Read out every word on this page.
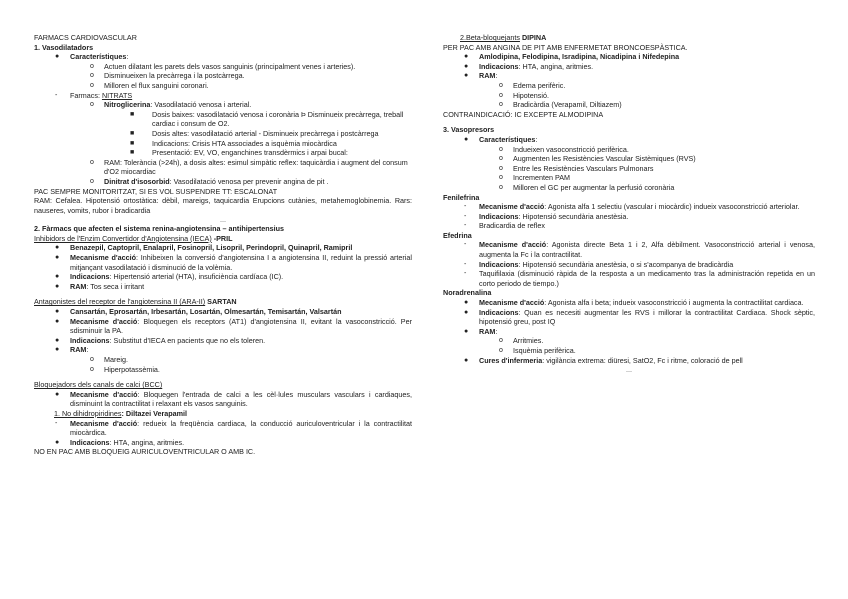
FARMACS CARDIOVASCULAR

1. Vasodilatadors

● Característiques:
o Actuen dilatant les parets dels vasos sanguinis (principalment venes i arteries).
o Disminueixen la precàrrega i la postcàrrega.
o Milloren el flux sanguini coronari.
- Farmacs: NITRATS
o Nitroglicerina: Vasodilatació venosa i arterial.
■ Dosis baixes: vasodilatació venosa i coronària Þ Disminueix precàrrega, treball cardiac i consum de O2.
■ Dosis altes: vasodilatació arterial - Disminueix precàrrega i postcàrrega
■ Indicacions: Crisis HTA associades a isquèmia miocàrdica
■ Presentació: EV, VO, enganchines transdèrmics i arpai bucal:
o RAM: Tolerància (>24h), a dosis altes: esimul simpàtic reflex: taquicàrdia i augment del consum d'O2 miocardiac
o Dinitrat d'isosorbid: Vasodilatació venosa per prevenir angina de pit .

PAC SEMPRE MONITORITZAT, SI ES VOL SUSPENDRE TT: ESCALONAT

RAM: Cefalea. Hipotensió ortostàtica: dèbil, mareigs, taquicardia Erupcions cutànies, metahemoglobinemia. Rars: nauseres, vomits, rubor i bradicardia

...

2. Fàrmacs que afecten el sistema renina-angiotensina – antihipertensius

Inhibidors de l'Enzim Convertidor d'Angiotensina (IECA) -PRIL

● Benazepil, Captopril, Enalapril, Fosinopril, Lisopril, Perindopril, Quinapril, Ramipril
● Mecanisme d'acció: Inhibeixen la conversió d'angiotensina I a angiotensina II, reduint la pressió arterial mitjançant vasodilatació i disminució de la volèmia.
● Indicacions: Hipertensió arterial (HTA), insuficiència cardíaca (IC).
● RAM: Tos seca i irritant

Antagonistes del receptor de l'angiotensina II (ARA-II) SARTAN

● Cansartán, Eprosartán, Irbesartán, Losartán, Olmesartán, Temisartán, Valsartán
● Mecanisme d'acció: Bloquegen els receptors (AT1) d'angiotensina II, evitant la vasoconstricció. Per sdisminuir la PA.
● Indicacions: Substitut d'IECA en pacients que no els toleren.
● RAM:
o Mareig.
o Hiperpotassèmia.

Bloquejadors dels canals de calci (BCC)

● Mecanisme d'acció: Bloquegen l'entrada de calci a les cèl·lules musculars vasculars i cardiaques, disminuint la contractilitat i relaxant els vasos sanguinis.

1. No dihidropiridines: Diltazei Verapamil

- Mecanisme d'acció: redueix la freqüència cardiaca, la conducció auriculoventricular i la contractilitat miocàrdica.
● Indicacions: HTA, angina, aritmies.

NO EN PAC AMB BLOQUEIG AURICULOVENTRICULAR O AMB IC.

2.Beta-bloquejants DIPINA

PER PAC AMB ANGINA DE PIT AMB ENFERMETAT BRONCOESPÀSTICA.

● Amlodipina, Felodipina, Isradipina, Nicadipina i Nifedepina
● Indicacions: HTA, angina, aritmies.
● RAM:
o Edema perifèric.
o Hipotensió.
o Bradicàrdia (Verapamil, Diltiazem)

CONTRAINDICACIÓ: IC EXCEPTE ALMODIPINA

3. Vasopresors

● Característiques:
o Indueixen vasoconstricció perifèrica.
o Augmenten les Resistències Vascular Sistèmiques (RVS)
o Entre les Resistències Vasculars Pulmonars
o Incrementen PAM
o Milloren el GC per augmentar la perfusió coronària

Fenilefrina

- Mecanisme d'acció: Agonista alfa 1 selectiu (vascular i miocàrdic) indueix vasoconstricció arteriolar.
- Indicacions: Hipotensió secundària anestèsia.
- Bradicardia de reflex

Efedrina

- Mecanisme d'acció: Agonista directe Beta 1 i 2, Alfa dèbilment. Vasoconstricció arterial i venosa, augmenta la Fc i la contractilitat.
- Indicacions: Hipotensió secundària anestèsia, o si s'acompanya de bradicàrdia
- Taquifilaxia (disminució ràpida de la resposta a un medicamento tras la administración repetida en un corto periodo de tiempo.)

Noradrenalina

● Mecanisme d'acció: Agonista alfa i beta; indueix vasoconstricció i augmenta la contractilitat cardiaca.
● Indicacions: Quan es necesiti augmentar les RVS i millorar la contractilitat Cardiaca. Shock sèptic, hipotensió greu, post IQ
● RAM:
o Arritmies.
o Isquèmia perifèrica.
● Cures d'infermeria: vigilància extrema: diüresi, SatO2, Fc i ritme, coloració de pell
...
